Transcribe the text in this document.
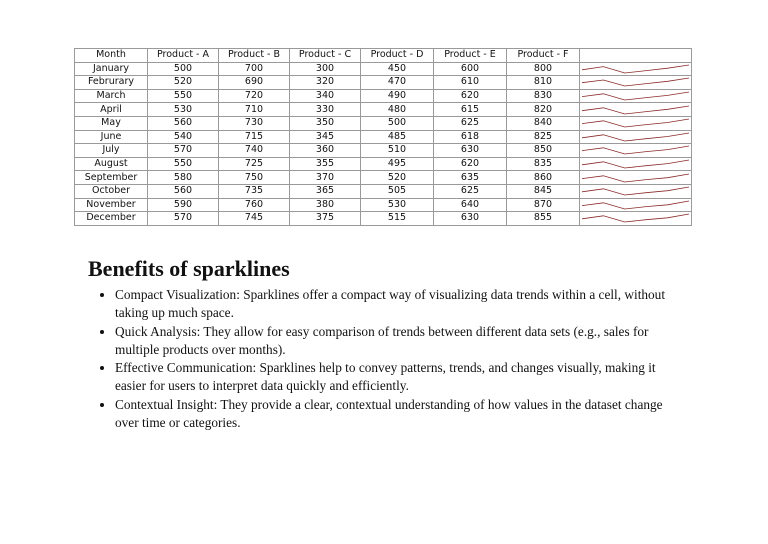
Month	Product - A	Product - B	Product - C	Product - D	Product - E	Product - F	
January	500	700	300	450	600	800	

Februrary	520	690	320	470	610	810	

March	550	720	340	490	620	830	

April	530	710	330	480	615	820	

May	560	730	350	500	625	840	

June	540	715	345	485	618	825	

July	570	740	360	510	630	850	

August	550	725	355	495	620	835	

September	580	750	370	520	635	860	

October	560	735	365	505	625	845	

November	590	760	380	530	640	870	

December	570	745	375	515	630	855	
Benefits of sparklines
• Compact Visualization: Sparklines offer a compact way of visualizing data trends within a cell, without taking up much space.
• Quick Analysis: They allow for easy comparison of trends between different data sets (e.g., sales for multiple products over months).
• Effective Communication: Sparklines help to convey patterns, trends, and changes visually, making it easier for users to interpret data quickly and efficiently.
• Contextual Insight: They provide a clear, contextual understanding of how values in the dataset change over time or categories.
